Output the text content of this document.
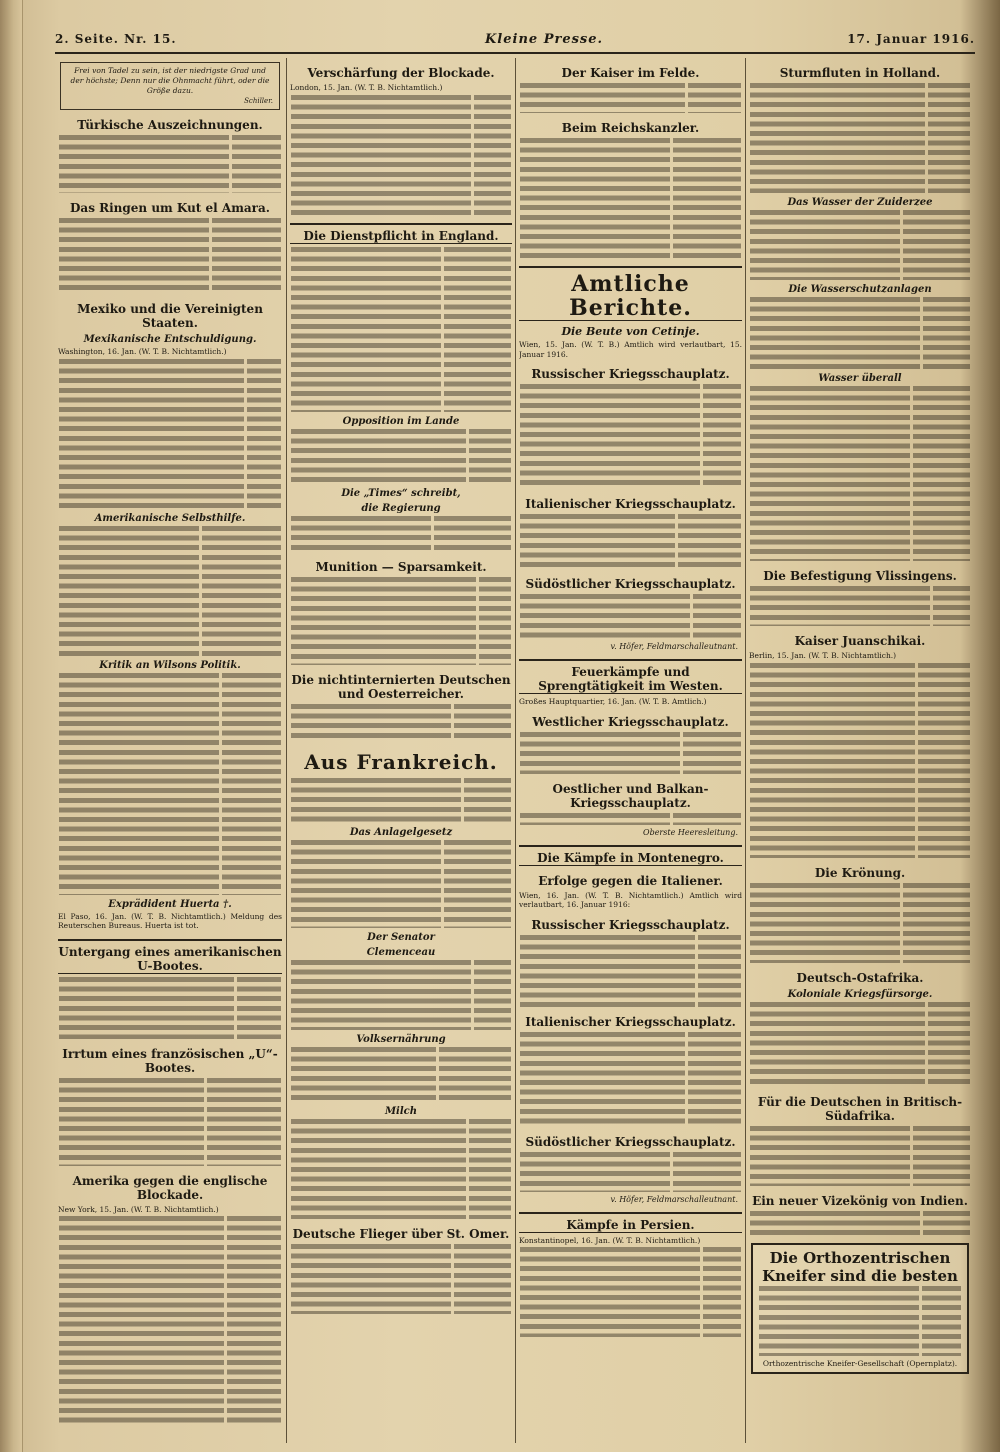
2. Seite. Nr. 15.	Kleine Presse.	17. Januar 1916.
Frei von Tadel zu sein, ist der niedrigste Grad und der höchste; Denn nur die Ohnmacht führt, oder die Größe dazu.
Schiller.
Türkische Auszeichnungen.
Das Ringen um Kut el Amara.
Mexiko und die Vereinigten Staaten.
Mexikanische Entschuldigung.
Washington, 16. Jan. (W. T. B. Nichtamtlich.)
Amerikanische Selbsthilfe.
Kritik an Wilsons Politik.
Exprädident Huerta †.
El Paso, 16. Jan. (W. T. B. Nichtamtlich.) Meldung des Reuterschen Bureaus. Huerta ist tot.
Untergang eines amerikanischen U-Bootes.
Irrtum eines französischen „U“-Bootes.
Amerika gegen die englische Blockade.
New York, 15. Jan. (W. T. B. Nichtamtlich.)
Verschärfung der Blockade.
London, 15. Jan. (W. T. B. Nichtamtlich.)
Die Dienstpflicht in England.
Opposition im Lande
Die „Times“ schreibt,
die Regierung
Munition — Sparsamkeit.
Die nichtinternierten Deutschen und Oesterreicher.
Aus Frankreich.
Das Anlagelgesetz
Der Senator
Clemenceau
Volksernährung
Milch
Deutsche Flieger über St. Omer.
Der Kaiser im Felde.
Beim Reichskanzler.
Amtliche Berichte.
Die Beute von Cetinje.
Wien, 15. Jan. (W. T. B.) Amtlich wird verlautbart, 15. Januar 1916.
Russischer Kriegsschauplatz.
Italienischer Kriegsschauplatz.
Südöstlicher Kriegsschauplatz.
v. Höfer, Feldmarschalleutnant.
Feuerkämpfe und Sprengtätigkeit im Westen.
Großes Hauptquartier, 16. Jan. (W. T. B. Amtlich.)
Westlicher Kriegsschauplatz.
Oestlicher und Balkan-Kriegsschauplatz.
Oberste Heeresleitung.
Die Kämpfe in Montenegro.
Erfolge gegen die Italiener.
Wien, 16. Jan. (W. T. B. Nichtamtlich.) Amtlich wird verlautbart, 16. Januar 1916:
Russischer Kriegsschauplatz.
Italienischer Kriegsschauplatz.
Südöstlicher Kriegsschauplatz.
v. Höfer, Feldmarschalleutnant.
Kämpfe in Persien.
Konstantinopel, 16. Jan. (W. T. B. Nichtamtlich.)
Sturmfluten in Holland.
Das Wasser der Zuiderzee
Die Wasserschutzanlagen
Wasser überall
Die Befestigung Vlissingens.
Kaiser Juanschikai.
Berlin, 15. Jan. (W. T. B. Nichtamtlich.)
Die Krönung.
Deutsch-Ostafrika.
Koloniale Kriegsfürsorge.
Für die Deutschen in Britisch-Südafrika.
Ein neuer Vizekönig von Indien.
Die Orthozentrischen Kneifer sind die besten
Orthozentrische Kneifer-Gesellschaft (Opernplatz).
